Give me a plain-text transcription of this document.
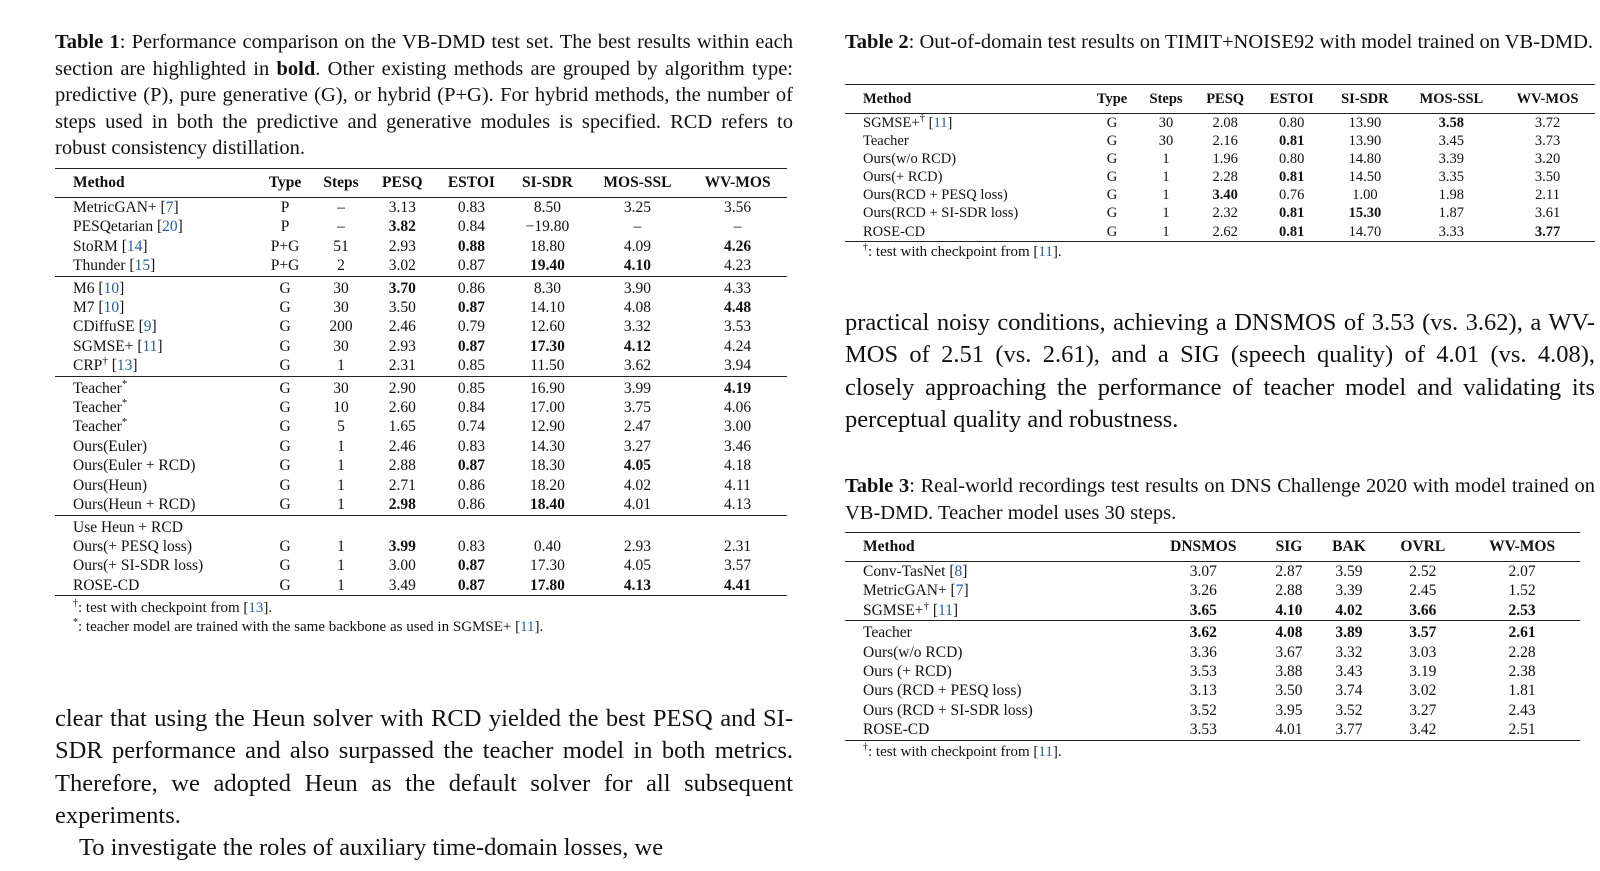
Table 1: Performance comparison on the VB-DMD test set. The best results within each section are highlighted in bold. Other existing methods are grouped by algorithm type: predictive (P), pure generative (G), or hybrid (P+G). For hybrid methods, the number of steps used in both the predictive and generative modules is specified. RCD refers to robust consistency distillation.

Method	Type	Steps	PESQ	ESTOI	SI-SDR	MOS-SSL	WV-MOS
MetricGAN+ [7]	P	–	3.13	0.83	8.50	3.25	3.56
PESQetarian [20]	P	–	3.82	0.84	−19.80	–	–
StoRM [14]	P+G	51	2.93	0.88	18.80	4.09	4.26
Thunder [15]	P+G	2	3.02	0.87	19.40	4.10	4.23
M6 [10]	G	30	3.70	0.86	8.30	3.90	4.33
M7 [10]	G	30	3.50	0.87	14.10	4.08	4.48
CDiffuSE [9]	G	200	2.46	0.79	12.60	3.32	3.53
SGMSE+ [11]	G	30	2.93	0.87	17.30	4.12	4.24
CRP† [13]	G	1	2.31	0.85	11.50	3.62	3.94
Teacher*	G	30	2.90	0.85	16.90	3.99	4.19
Teacher*	G	10	2.60	0.84	17.00	3.75	4.06
Teacher*	G	5	1.65	0.74	12.90	2.47	3.00
Ours(Euler)	G	1	2.46	0.83	14.30	3.27	3.46
Ours(Euler + RCD)	G	1	2.88	0.87	18.30	4.05	4.18
Ours(Heun)	G	1	2.71	0.86	18.20	4.02	4.11
Ours(Heun + RCD)	G	1	2.98	0.86	18.40	4.01	4.13
Use Heun + RCD							
Ours(+ PESQ loss)	G	1	3.99	0.83	0.40	2.93	2.31
Ours(+ SI-SDR loss)	G	1	3.00	0.87	17.30	4.05	3.57
ROSE-CD	G	1	3.49	0.87	17.80	4.13	4.41
†: test with checkpoint from [13].
*: teacher model are trained with the same backbone as used in SGMSE+ [11].

clear that using the Heun solver with RCD yielded the best PESQ and SI-SDR performance and also surpassed the teacher model in both metrics. Therefore, we adopted Heun as the default solver for all subsequent experiments.

To investigate the roles of auxiliary time-domain losses, we

Table 2: Out-of-domain test results on TIMIT+NOISE92 with model trained on VB-DMD.

Method	Type	Steps	PESQ	ESTOI	SI-SDR	MOS-SSL	WV-MOS
SGMSE+† [11]	G	30	2.08	0.80	13.90	3.58	3.72
Teacher	G	30	2.16	0.81	13.90	3.45	3.73
Ours(w/o RCD)	G	1	1.96	0.80	14.80	3.39	3.20
Ours(+ RCD)	G	1	2.28	0.81	14.50	3.35	3.50
Ours(RCD + PESQ loss)	G	1	3.40	0.76	1.00	1.98	2.11
Ours(RCD + SI-SDR loss)	G	1	2.32	0.81	15.30	1.87	3.61
ROSE-CD	G	1	2.62	0.81	14.70	3.33	3.77
†: test with checkpoint from [11].

practical noisy conditions, achieving a DNSMOS of 3.53 (vs. 3.62), a WV-MOS of 2.51 (vs. 2.61), and a SIG (speech quality) of 4.01 (vs. 4.08), closely approaching the performance of teacher model and validating its perceptual quality and robustness.

Table 3: Real-world recordings test results on DNS Challenge 2020 with model trained on VB-DMD. Teacher model uses 30 steps.

Method	DNSMOS	SIG	BAK	OVRL	WV-MOS
Conv-TasNet [8]	3.07	2.87	3.59	2.52	2.07
MetricGAN+ [7]	3.26	2.88	3.39	2.45	1.52
SGMSE+† [11]	3.65	4.10	4.02	3.66	2.53
Teacher	3.62	4.08	3.89	3.57	2.61
Ours(w/o RCD)	3.36	3.67	3.32	3.03	2.28
Ours (+ RCD)	3.53	3.88	3.43	3.19	2.38
Ours (RCD + PESQ loss)	3.13	3.50	3.74	3.02	1.81
Ours (RCD + SI-SDR loss)	3.52	3.95	3.52	3.27	2.43
ROSE-CD	3.53	4.01	3.77	3.42	2.51
†: test with checkpoint from [11].
